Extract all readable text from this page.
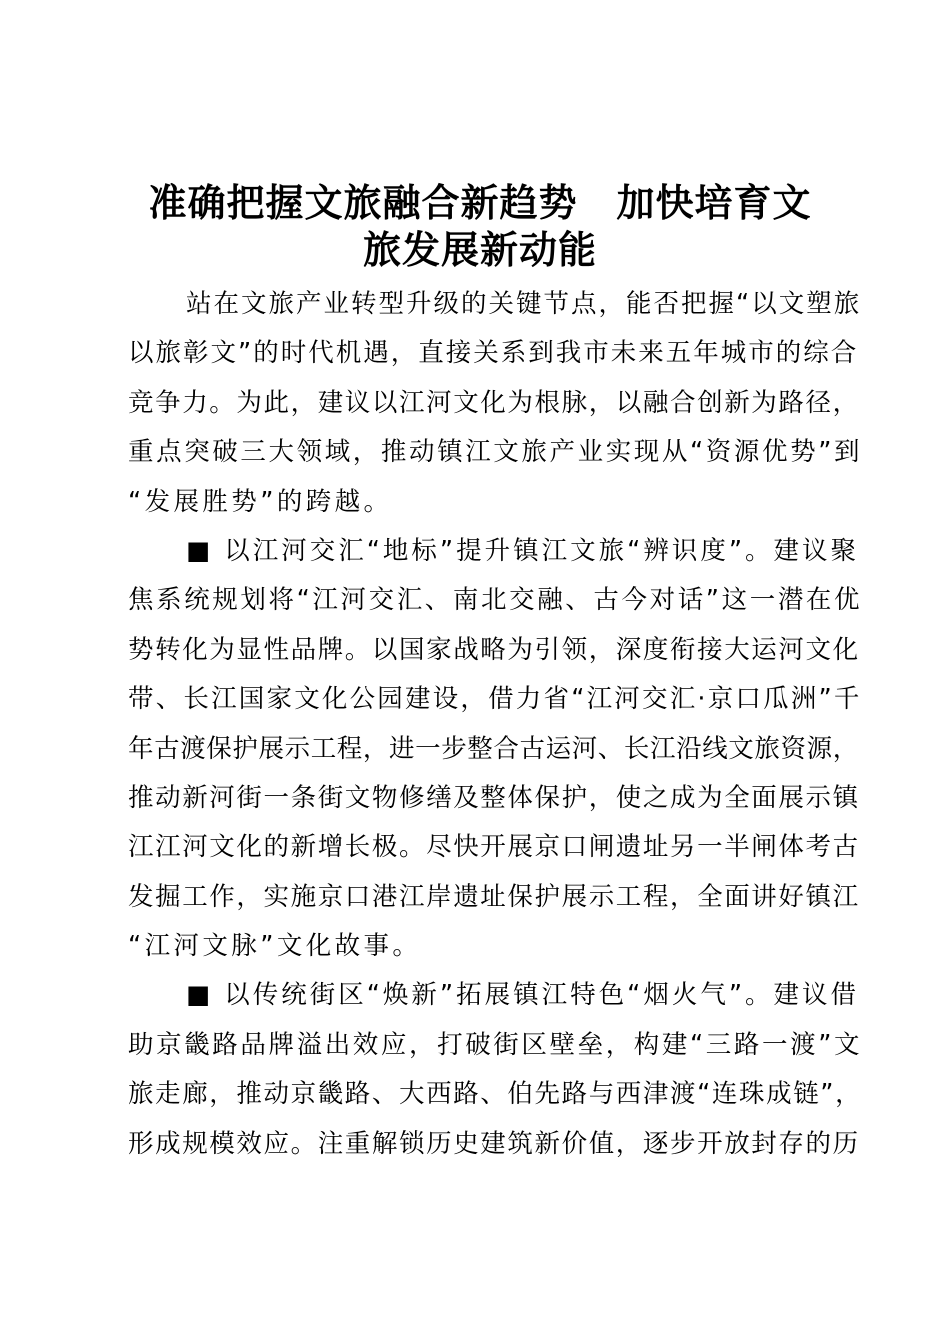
准确把握文旅融合新趋势　加快培育文
旅发展新动能
站在文旅产业转型升级的关键节点，能否把握“以文塑旅
以旅彰文”的时代机遇，直接关系到我市未来五年城市的综合
竞争力。为此，建议以江河文化为根脉，以融合创新为路径，
重点突破三大领域，推动镇江文旅产业实现从“资源优势”到
“发展胜势”的跨越。
■ 以江河交汇“地标”提升镇江文旅“辨识度”。建议聚
焦系统规划将“江河交汇、南北交融、古今对话”这一潜在优
势转化为显性品牌。以国家战略为引领，深度衔接大运河文化
带、长江国家文化公园建设，借力省“江河交汇·京口瓜洲”千
年古渡保护展示工程，进一步整合古运河、长江沿线文旅资源，
推动新河街一条街文物修缮及整体保护，使之成为全面展示镇
江江河文化的新增长极。尽快开展京口闸遗址另一半闸体考古
发掘工作，实施京口港江岸遗址保护展示工程，全面讲好镇江
“江河文脉”文化故事。
■ 以传统街区“焕新”拓展镇江特色“烟火气”。建议借
助京畿路品牌溢出效应，打破街区壁垒，构建“三路一渡”文
旅走廊，推动京畿路、大西路、伯先路与西津渡“连珠成链”，
形成规模效应。注重解锁历史建筑新价值，逐步开放封存的历
